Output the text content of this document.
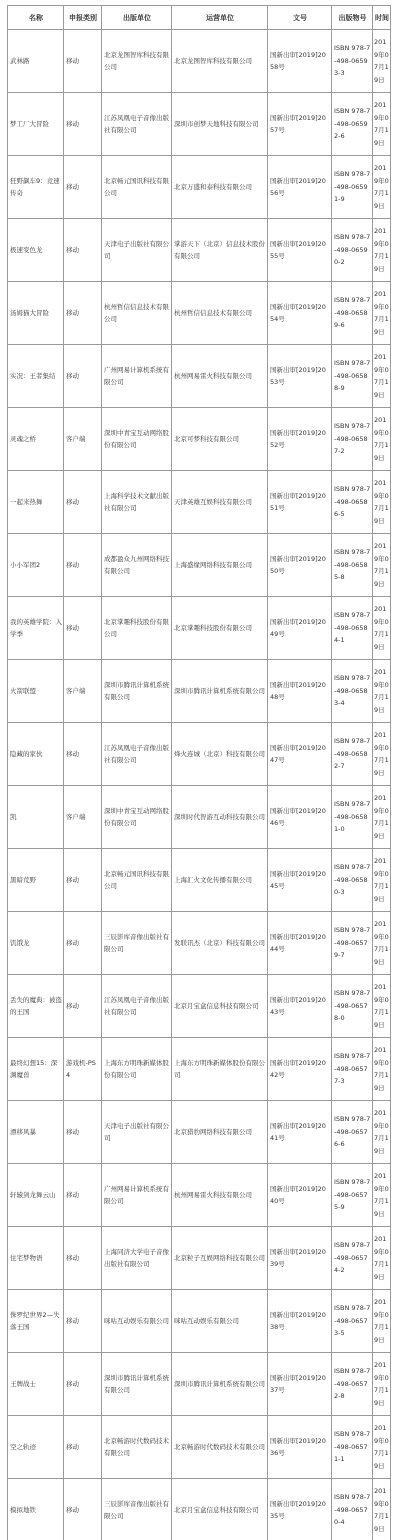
名称	申报类别	出版单位	运营单位	文号	出版物号	时间
武林路	移动	北京龙图智库科技有限公司	北京龙图智库科技有限公司	国新出审[2019]2058号	ISBN 978-7-498-06593-3	2019年07月19日
梦工厂大冒险	移动	江苏凤凰电子音像出版社有限公司	深圳市创梦天地科技有限公司	国新出审[2019]2057号	ISBN 978-7-498-06592-6	2019年07月19日
狂野飙车9：竞速传奇	移动	北京畅元国讯科技有限公司	北京万盛和泰科技有限公司	国新出审[2019]2056号	ISBN 978-7-498-06591-9	2019年07月19日
极速变色龙	移动	天津电子出版社有限公司	掌游天下（北京）信息技术股份有限公司	国新出审[2019]2055号	ISBN 978-7-498-06590-2	2019年07月19日
汤姆猫大冒险	移动	杭州哲信信息技术有限公司	杭州哲信信息技术有限公司	国新出审[2019]2054号	ISBN 978-7-498-06589-6	2019年07月19日
实况：王者集结	移动	广州网易计算机系统有限公司	杭州网易雷火科技有限公司	国新出审[2019]2053号	ISBN 978-7-498-06588-9	2019年07月19日
灵魂之桥	客户端	深圳中青宝互动网络股份有限公司	北京可梦科技有限公司	国新出审[2019]2052号	ISBN 978-7-498-06587-2	2019年07月19日
一起来热舞	移动	上海科学技术文献出版社有限公司	天津英雄互娱科技有限公司	国新出审[2019]2051号	ISBN 978-7-498-06586-5	2019年07月19日
小小军团2	移动	成都盈众九州网络科技有限公司	上海盛缘网络科技有限公司	国新出审[2019]2050号	ISBN 978-7-498-06585-8	2019年07月19日
我的英雄学院：入学季	移动	北京掌趣科技股份有限公司	北京掌趣科技股份有限公司	国新出审[2019]2049号	ISBN 978-7-498-06584-1	2019年07月19日
火箭联盟	客户端	深圳市腾讯计算机系统有限公司	深圳市腾讯计算机系统有限公司	国新出审[2019]2048号	ISBN 978-7-498-06583-4	2019年07月19日
隐藏的家伙	移动	江苏凤凰电子音像出版社有限公司	烽火连城（北京）科技有限公司	国新出审[2019]2047号	ISBN 978-7-498-06582-7	2019年07月19日
凯	客户端	深圳中青宝互动网络股份有限公司	深圳时代智游互动科技有限公司	国新出审[2019]2046号	ISBN 978-7-498-06581-0	2019年07月19日
黑暗荒野	移动	北京畅元国讯科技有限公司	上海汇火文化传播有限公司	国新出审[2019]2045号	ISBN 978-7-498-06580-3	2019年07月19日
饥饿龙	移动	三辰影库音像出版社有限公司	发联讯杰（北京）科技有限公司	国新出审[2019]2044号	ISBN 978-7-498-06579-7	2019年07月19日
丢失的魔典：被盗的王国	移动	江苏凤凰电子音像出版社有限公司	北京月宝盒信息科技有限公司	国新出审[2019]2043号	ISBN 978-7-498-06578-0	2019年07月19日
最终幻想15：深渊魔兽	游戏机-PS4	上海东方明珠新媒体股份有限公司	上海东方明珠新媒体股份有限公司	国新出审[2019]2042号	ISBN 978-7-498-06577-3	2019年07月19日
漂移风暴	移动	天津电子出版社有限公司	北京猎豹网络科技有限公司	国新出审[2019]2041号	ISBN 978-7-498-06576-6	2019年07月19日
轩辕剑龙舞云山	移动	广州网易计算机系统有限公司	杭州网易雷火科技有限公司	国新出审[2019]2040号	ISBN 978-7-498-06575-9	2019年07月19日
住宅梦物语	移动	上海同济大学电子音像出版社有限公司	北京粒子互娱网络科技有限公司	国新出审[2019]2039号	ISBN 978-7-498-06574-2	2019年07月19日
侏罗纪世界2—失落王国	移动	咪咕互动娱乐有限公司	咪咕互动娱乐有限公司	国新出审[2019]2038号	ISBN 978-7-498-06573-5	2019年07月19日
王牌战士	移动	深圳市腾讯计算机系统有限公司	深圳市腾讯计算机系统有限公司	国新出审[2019]2037号	ISBN 978-7-498-06572-8	2019年07月19日
空之轨迹	移动	北京畅游时代数码技术有限公司	北京畅游时代数码技术有限公司	国新出审[2019]2036号	ISBN 978-7-498-06571-1	2019年07月19日
模拟地铁	移动	三辰影库音像出版社有限公司	北京月宝盒信息科技有限公司	国新出审[2019]2035号	ISBN 978-7-498-06570-4	2019年07月19日
